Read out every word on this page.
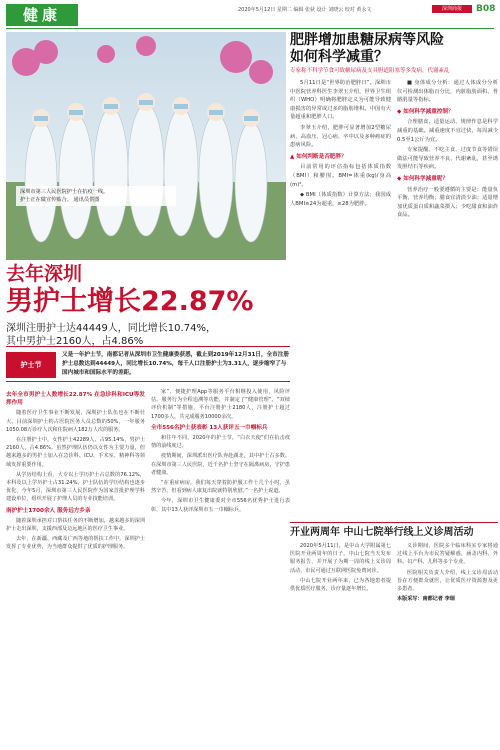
健康	2020年5月12日 星期二 编辑 张荻 设计 刘晓云 校对 黄永文	深圳商报	B08
深圳市第三人民医院护士在抗疫一线。
护士正在做宣传贴合。 通讯员供图
去年深圳
男护士增长22.87%
深圳注册护士达44449人，同比增长10.74%，
其中男护士2160人，占4.86%
护士节
又是一年护士节，南都记者从深圳市卫生健康委获悉，截止到2019年12月31日，全市注册护士总数达到44449人，同比增长10.74%，每千人口注册护士为3.31人，逐步缩窄了与国内城市和国际水平的差距。

去年全市男护士人数增长22.87% 在急诊科和ICU等发挥作用

随着医疗卫生事业不断发展，深圳护士队伍也在不断壮大。目前深圳护士约占医院医务人员总数的50%，一年服务1050.08万诊疗人次和住院病人182万人次的服务。

在注册护士中，女性护士42289人，占95.14%，男护士2160人，占4.86%。虽然护理队伍仍以女性为主要力量，但越来越多的男护士加入在急诊科、ICU、手术室、精神科等领域发挥重要作用。

从学历结构上看，大专以上学历护士占总数的76.12%，本科及以上学历护士占31.24%，护士队伍的学历结构也逐步优化。今年5月，深圳市第三人民医院作为国家首批护理学科建设单位，组织开展了护理人员的专业技能培训。

南护护士1700余人 服务远方乡亲

随着深圳承担对口帮扶任务的不断增加，越来越多的深圳护士走出深圳，支援西部及边远地区的医疗卫生事业。

去年，在新疆、西藏及广西等地的帮扶工作中，深圳护士发挥了专业优势，为当地群众提供了优质的护理服务。

家”、便捷护理App等服务平台相继投入使用，风险评估、服务行为全程追溯等功能，并制定了“健康管理”、“双续评价机制”等措施，平台注册护士2180人，注册护士超过1700多人，共完成服务10000余次。

全市556名护士获表彰 13人获评五一巾帼标兵

和往年不同，2020年的护士节，“白衣天使”们在抗击疫情的前线度过。

疫情期间，深圳派出医疗队奔赴湖北，其中护士占多数。在深圳市第三人民医院，近千名护士坚守在隔离病房，守护患者健康。

“在重症病房，我们每天穿着防护服工作十几个小时，虽然辛苦，但看到病人康复出院就特别欣慰。”一名护士说道。

今年，深圳市卫生健康委对全市556名优秀护士进行表彰，其中13人获评深圳市五一巾帼标兵。

肥胖增加患糖尿病等风险
如何科学减重？
专家称不科学节食可致糖尿病及支具胆道阻塞等多发病，代谢紊乱

5月11日是“世界防治肥胖日”。深圳市中医院营养科医生李翠玉介绍，世界卫生组织（WHO）明确将肥胖定义为可能导致健康损害的异常或过多的脂肪堆积。中国有大量超重和肥胖人口。

李翠玉介绍，肥胖可显著增加2型糖尿病、高血压、冠心病、卒中以及多种癌症的患病风险。

▲ 如何判断是否肥胖？

目前常用的评估指标包括体质指数（BMI）和腰围。BMI=体重(kg)/身高(m)²。

◆ BMI（体质指数）计算方法；我国成人BMI≥24为超重，≥28为肥胖。

■ 身体成分分析：通过人体成分分析仪可检测出体脂百分比，内脏脂肪面积、骨骼肌量等指标。

◆ 如何科学减重控制？

合理膳食、适量运动、规律作息是科学减重的基础。减重速度不宜过快，每周减少0.5至1公斤为宜。

专家提醒，不吃主食、过度节食等错误做法可能导致营养不良、代谢紊乱，甚至诱发胆结石等疾病。

◆ 如何科学减重呢？

营养治疗一般要遵循的主要是：能量负平衡，营养均衡；膳食宜清淡少油；适量增加优质蛋白质和蔬菜摄入；少吃甜食和油炸食品。

开业两周年 中山七院举行线上义诊周活动

2020年5月11日，是中山大学附属第七医院开业两周年的日子。中山七院当天发布服务报告，并开展了为期一周的线上义诊周活动，市民可通过互联网医院免费问诊。

中山七院开业两年来，已为各地患者提供优质医疗服务，诊疗量逐年增长。

义诊期间，医院多个临床科室专家将通过线上平台为市民答疑解惑，涵盖内科、外科、妇产科、儿科等多个专业。

医院相关负责人介绍，线上义诊周活动旨在方便群众就医，让优质医疗资源惠及更多患者。

本版采写：南都记者 李瑞
